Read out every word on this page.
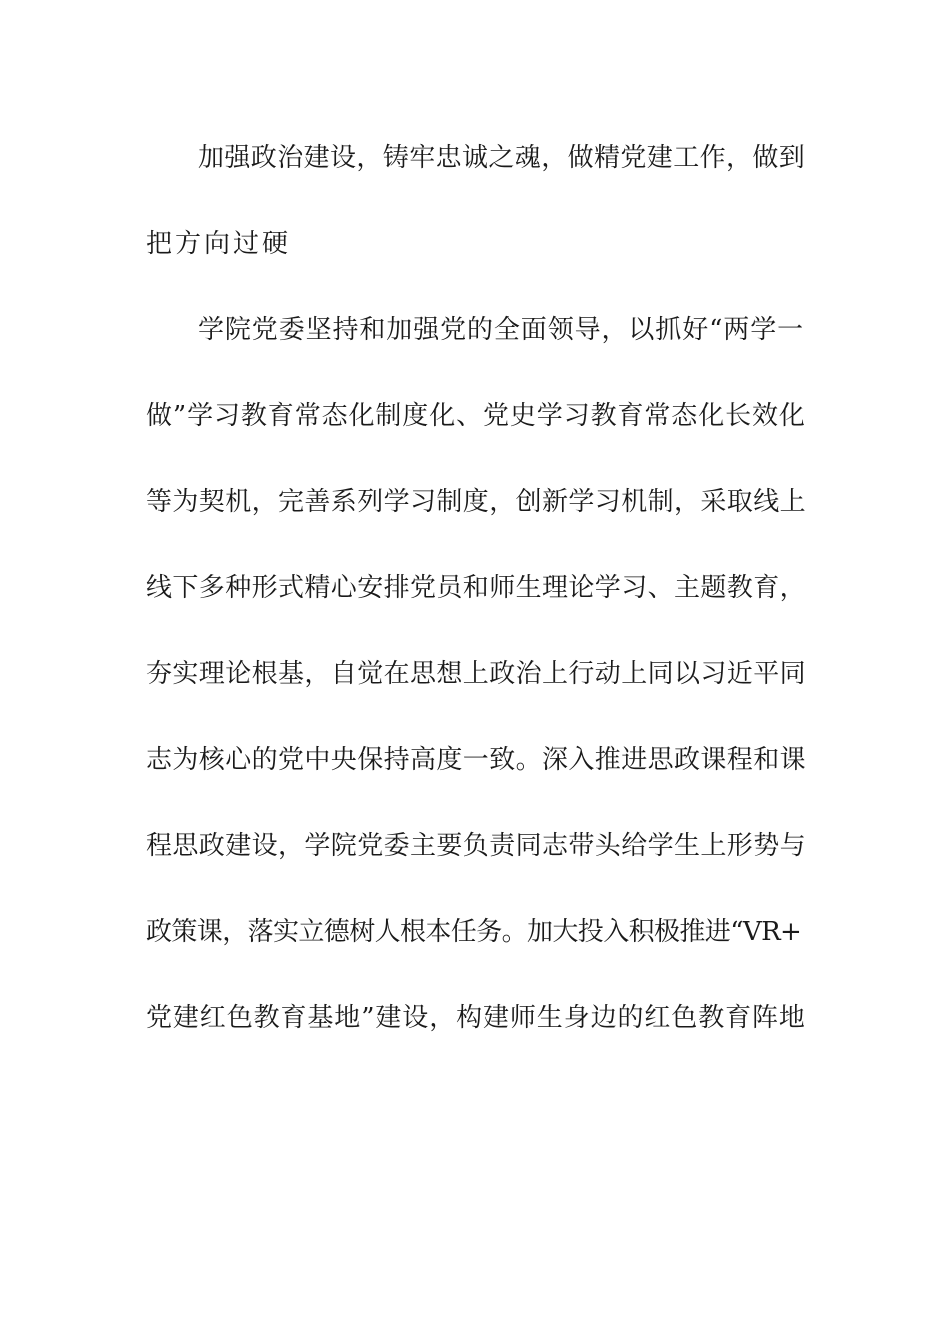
加强政治建设，铸牢忠诚之魂，做精党建工作，做到
把方向过硬
学院党委坚持和加强党的全面领导，以抓好“两学一
做”学习教育常态化制度化、党史学习教育常态化长效化
等为契机，完善系列学习制度，创新学习机制，采取线上
线下多种形式精心安排党员和师生理论学习、主题教育，
夯实理论根基，自觉在思想上政治上行动上同以习近平同
志为核心的党中央保持高度一致。深入推进思政课程和课
程思政建设，学院党委主要负责同志带头给学生上形势与
政策课，落实立德树人根本任务。加大投入积极推进“VR+
党建红色教育基地”建设，构建师生身边的红色教育阵地
